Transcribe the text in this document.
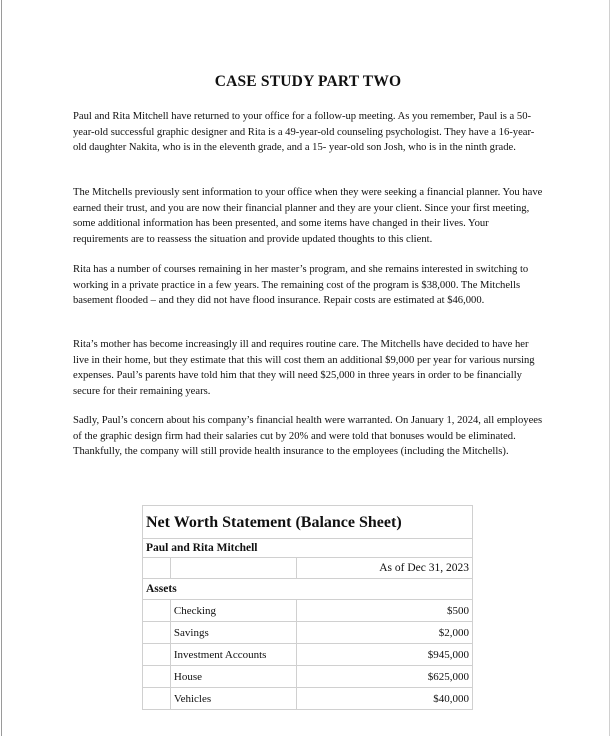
CASE STUDY PART TWO

Paul and Rita Mitchell have returned to your office for a follow-up meeting. As you remember, Paul is a 50-year-old successful graphic designer and Rita is a 49-year-old counseling psychologist. They have a 16-year-old daughter Nakita, who is in the eleventh grade, and a 15- year-old son Josh, who is in the ninth grade.

The Mitchells previously sent information to your office when they were seeking a financial planner. You have earned their trust, and you are now their financial planner and they are your client. Since your first meeting, some additional information has been presented, and some items have changed in their lives. Your requirements are to reassess the situation and provide updated thoughts to this client.

Rita has a number of courses remaining in her master’s program, and she remains interested in switching to working in a private practice in a few years. The remaining cost of the program is $38,000. The Mitchells basement flooded – and they did not have flood insurance. Repair costs are estimated at $46,000.

Rita’s mother has become increasingly ill and requires routine care. The Mitchells have decided to have her live in their home, but they estimate that this will cost them an additional $9,000 per year for various nursing expenses. Paul’s parents have told him that they will need $25,000 in three years in order to be financially secure for their remaining years.

Sadly, Paul’s concern about his company’s financial health were warranted. On January 1, 2024, all employees of the graphic design firm had their salaries cut by 20% and were told that bonuses would be eliminated. Thankfully, the company will still provide health insurance to the employees (including the Mitchells).

Net Worth Statement (Balance Sheet)		
Paul and Rita Mitchell		
		As of Dec 31, 2023
Assets		
	Checking	$500
	Savings	$2,000
	Investment Accounts	$945,000
	House	$625,000
	Vehicles	$40,000
